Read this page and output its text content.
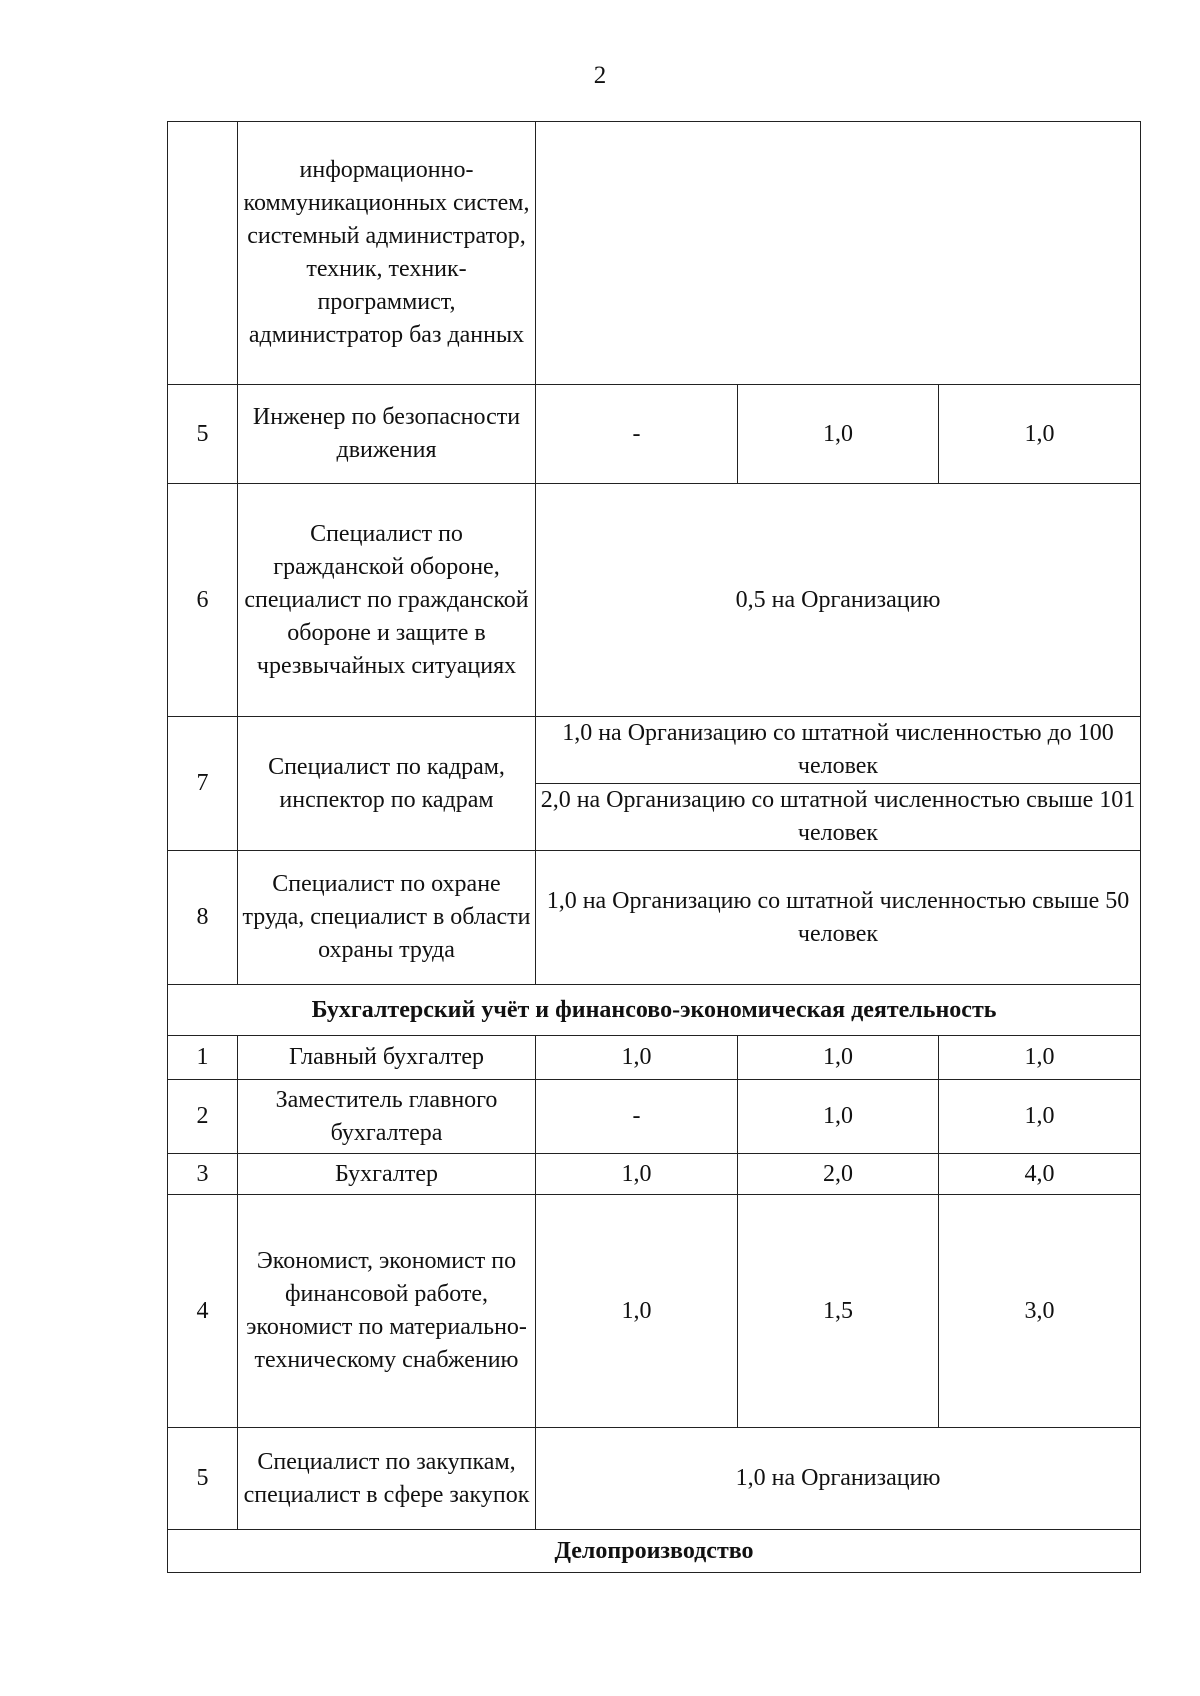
2
	информационно-коммуникационных систем, системный администратор, техник, техник-программист, администратор баз данных			
5	Инженер по безопасности движения	-	1,0	1,0
6	Специалист по гражданской обороне, специалист по гражданской обороне и защите в чрезвычайных ситуациях	0,5 на Организацию		
7	Специалист по кадрам, инспектор по кадрам	1,0 на Организацию со штатной численностью до 100 человек		
		2,0 на Организацию со штатной численностью свыше 101 человек		
8	Специалист по охране труда, специалист в области охраны труда	1,0 на Организацию со штатной численностью свыше 50 человек		
Бухгалтерский учёт и финансово-экономическая деятельность				
1	Главный бухгалтер	1,0	1,0	1,0
2	Заместитель главного бухгалтера	-	1,0	1,0
3	Бухгалтер	1,0	2,0	4,0
4	Экономист, экономист по финансовой работе, экономист по материально-техническому снабжению	1,0	1,5	3,0
5	Специалист по закупкам, специалист в сфере закупок	1,0 на Организацию		
Делопроизводство				
